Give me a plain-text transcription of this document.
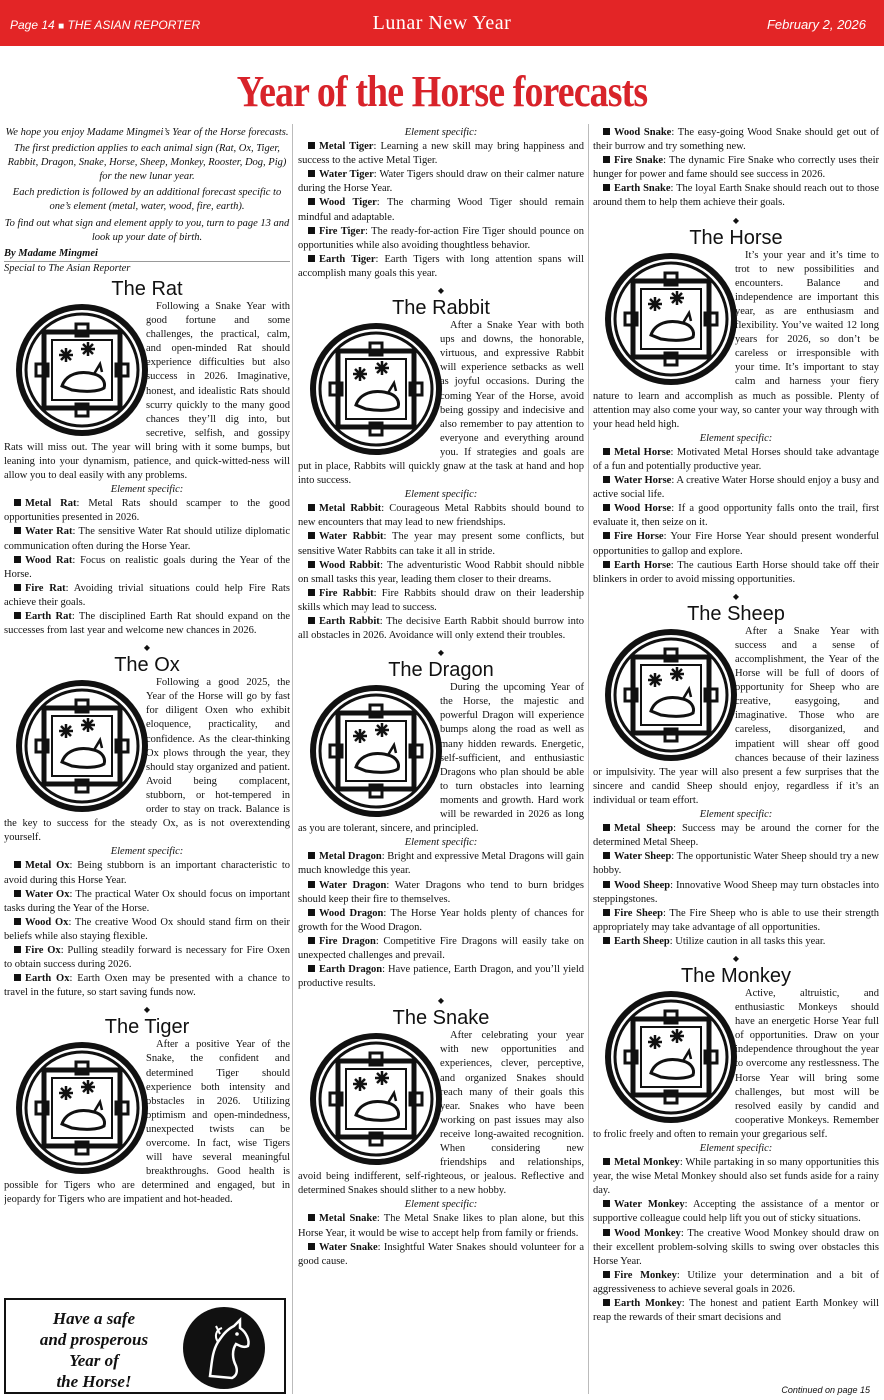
Page 14 ■ THE ASIAN REPORTER	Lunar New Year	February 2, 2026
Year of the Horse forecasts

We hope you enjoy Madame Mingmei’s Year of the Horse forecasts.

The first prediction applies to each animal sign (Rat, Ox, Tiger, Rabbit, Dragon, Snake, Horse, Sheep, Monkey, Rooster, Dog, Pig) for the new lunar year.

Each prediction is followed by an additional forecast specific to one’s element (metal, water, wood, fire, earth).

To find out what sign and element apply to you, turn to page 13 and look up your date of birth.

By Madame Mingmei

Special to The Asian Reporter

The Rat

Following a Snake Year with good fortune and some challenges, the practical, calm, and open-minded Rat should experience difficulties but also success in 2026. Imaginative, honest, and idealistic Rats should scurry quickly to the many good chances they’ll dig into, but secretive, selfish, and gossipy Rats will miss out. The year will bring with it some bumps, but leaning into your dynamism, patience, and quick-witted-ness will allow you to deal easily with any problems.

Element specific:

Metal Rat: Metal Rats should scamper to the good opportunities presented in 2026.

Water Rat: The sensitive Water Rat should utilize diplomatic communication often during the Horse Year.

Wood Rat: Focus on realistic goals during the Year of the Horse.

Fire Rat: Avoiding trivial situations could help Fire Rats achieve their goals.

Earth Rat: The disciplined Earth Rat should expand on the successes from last year and welcome new chances in 2026.

◆
The Ox

Following a good 2025, the Year of the Horse will go by fast for diligent Oxen who exhibit eloquence, practicality, and confidence. As the clear-thinking Ox plows through the year, they should stay organized and patient. Avoid being complacent, stubborn, or hot-tempered in order to stay on track. Balance is the key to success for the steady Ox, as is not overextending yourself.

Element specific:

Metal Ox: Being stubborn is an important characteristic to avoid during this Horse Year.

Water Ox: The practical Water Ox should focus on important tasks during the Year of the Horse.

Wood Ox: The creative Wood Ox should stand firm on their beliefs while also staying flexible.

Fire Ox: Pulling steadily forward is necessary for Fire Oxen to obtain success during 2026.

Earth Ox: Earth Oxen may be presented with a chance to travel in the future, so start saving funds now.

◆
The Tiger

After a positive Year of the Snake, the confident and determined Tiger should experience both intensity and obstacles in 2026. Utilizing optimism and open-mindedness, unexpected twists can be overcome. In fact, wise Tigers will have several meaningful breakthroughs. Good health is possible for Tigers who are determined and engaged, but in jeopardy for Tigers who are impatient and hot-headed.

Element specific:

Metal Tiger: Learning a new skill may bring happiness and success to the active Metal Tiger.

Water Tiger: Water Tigers should draw on their calmer nature during the Horse Year.

Wood Tiger: The charming Wood Tiger should remain mindful and adaptable.

Fire Tiger: The ready-for-action Fire Tiger should pounce on opportunities while also avoiding thoughtless behavior.

Earth Tiger: Earth Tigers with long attention spans will accomplish many goals this year.

◆
The Rabbit

After a Snake Year with both ups and downs, the honorable, virtuous, and expressive Rabbit will experience setbacks as well as joyful occasions. During the coming Year of the Horse, avoid being gossipy and indecisive and also remember to pay attention to everyone and everything around you. If strategies and goals are put in place, Rabbits will quickly gnaw at the task at hand and hop into success.

Element specific:

Metal Rabbit: Courageous Metal Rabbits should bound to new encounters that may lead to new friendships.

Water Rabbit: The year may present some conflicts, but sensitive Water Rabbits can take it all in stride.

Wood Rabbit: The adventuristic Wood Rabbit should nibble on small tasks this year, leading them closer to their dreams.

Fire Rabbit: Fire Rabbits should draw on their leadership skills which may lead to success.

Earth Rabbit: The decisive Earth Rabbit should burrow into all obstacles in 2026. Avoidance will only extend their troubles.

◆
The Dragon

During the upcoming Year of the Horse, the majestic and powerful Dragon will experience bumps along the road as well as many hidden rewards. Energetic, self-sufficient, and enthusiastic Dragons who plan should be able to turn obstacles into learning moments and growth. Hard work will be rewarded in 2026 as long as you are tolerant, sincere, and principled.

Element specific:

Metal Dragon: Bright and expressive Metal Dragons will gain much knowledge this year.

Water Dragon: Water Dragons who tend to burn bridges should keep their fire to themselves.

Wood Dragon: The Horse Year holds plenty of chances for growth for the Wood Dragon.

Fire Dragon: Competitive Fire Dragons will easily take on unexpected challenges and prevail.

Earth Dragon: Have patience, Earth Dragon, and you’ll yield productive results.

◆
The Snake

After celebrating your year with new opportunities and experiences, clever, perceptive, and organized Snakes should reach many of their goals this year. Snakes who have been working on past issues may also receive long-awaited recognition. When considering new friendships and relationships, avoid being indifferent, self-righteous, or jealous. Reflective and determined Snakes should slither to a new hobby.

Element specific:

Metal Snake: The Metal Snake likes to plan alone, but this Horse Year, it would be wise to accept help from family or friends.

Water Snake: Insightful Water Snakes should volunteer for a good cause.

Wood Snake: The easy-going Wood Snake should get out of their burrow and try something new.

Fire Snake: The dynamic Fire Snake who correctly uses their hunger for power and fame should see success in 2026.

Earth Snake: The loyal Earth Snake should reach out to those around them to help them achieve their goals.

◆
The Horse

It’s your year and it’s time to trot to new possibilities and encounters. Balance and independence are important this year, as are enthusiasm and flexibility. You’ve waited 12 long years for 2026, so don’t be careless or irresponsible with your time. It’s important to stay calm and harness your fiery nature to learn and accomplish as much as possible. Plenty of attention may also come your way, so canter your way through with your head held high.

Element specific:

Metal Horse: Motivated Metal Horses should take advantage of a fun and potentially productive year.

Water Horse: A creative Water Horse should enjoy a busy and active social life.

Wood Horse: If a good opportunity falls onto the trail, first evaluate it, then seize on it.

Fire Horse: Your Fire Horse Year should present wonderful opportunities to gallop and explore.

Earth Horse: The cautious Earth Horse should take off their blinkers in order to avoid missing opportunities.

◆
The Sheep

After a Snake Year with success and a sense of accomplishment, the Year of the Horse will be full of doors of opportunity for Sheep who are creative, easygoing, and imaginative. Those who are careless, disorganized, and impatient will shear off good chances because of their laziness or impulsivity. The year will also present a few surprises that the sincere and candid Sheep should enjoy, regardless if it’s an individual or team effort.

Element specific:

Metal Sheep: Success may be around the corner for the determined Metal Sheep.

Water Sheep: The opportunistic Water Sheep should try a new hobby.

Wood Sheep: Innovative Wood Sheep may turn obstacles into steppingstones.

Fire Sheep: The Fire Sheep who is able to use their strength appropriately may take advantage of all opportunities.

Earth Sheep: Utilize caution in all tasks this year.

◆
The Monkey

Active, altruistic, and enthusiastic Monkeys should have an energetic Horse Year full of opportunities. Draw on your independence throughout the year to overcome any restlessness. The Horse Year will bring some challenges, but most will be resolved easily by candid and cooperative Monkeys. Remember to frolic freely and often to remain your gregarious self.

Element specific:

Metal Monkey: While partaking in so many opportunities this year, the wise Metal Monkey should also set funds aside for a rainy day.

Water Monkey: Accepting the assistance of a mentor or supportive colleague could help lift you out of sticky situations.

Wood Monkey: The creative Wood Monkey should draw on their excellent problem-solving skills to swing over obstacles this Horse Year.

Fire Monkey: Utilize your determination and a bit of aggressiveness to achieve several goals in 2026.

Earth Monkey: The honest and patient Earth Monkey will reap the rewards of their smart decisions and

Have a safe
and prosperous
Year of
the Horse!	Continued on page 15
